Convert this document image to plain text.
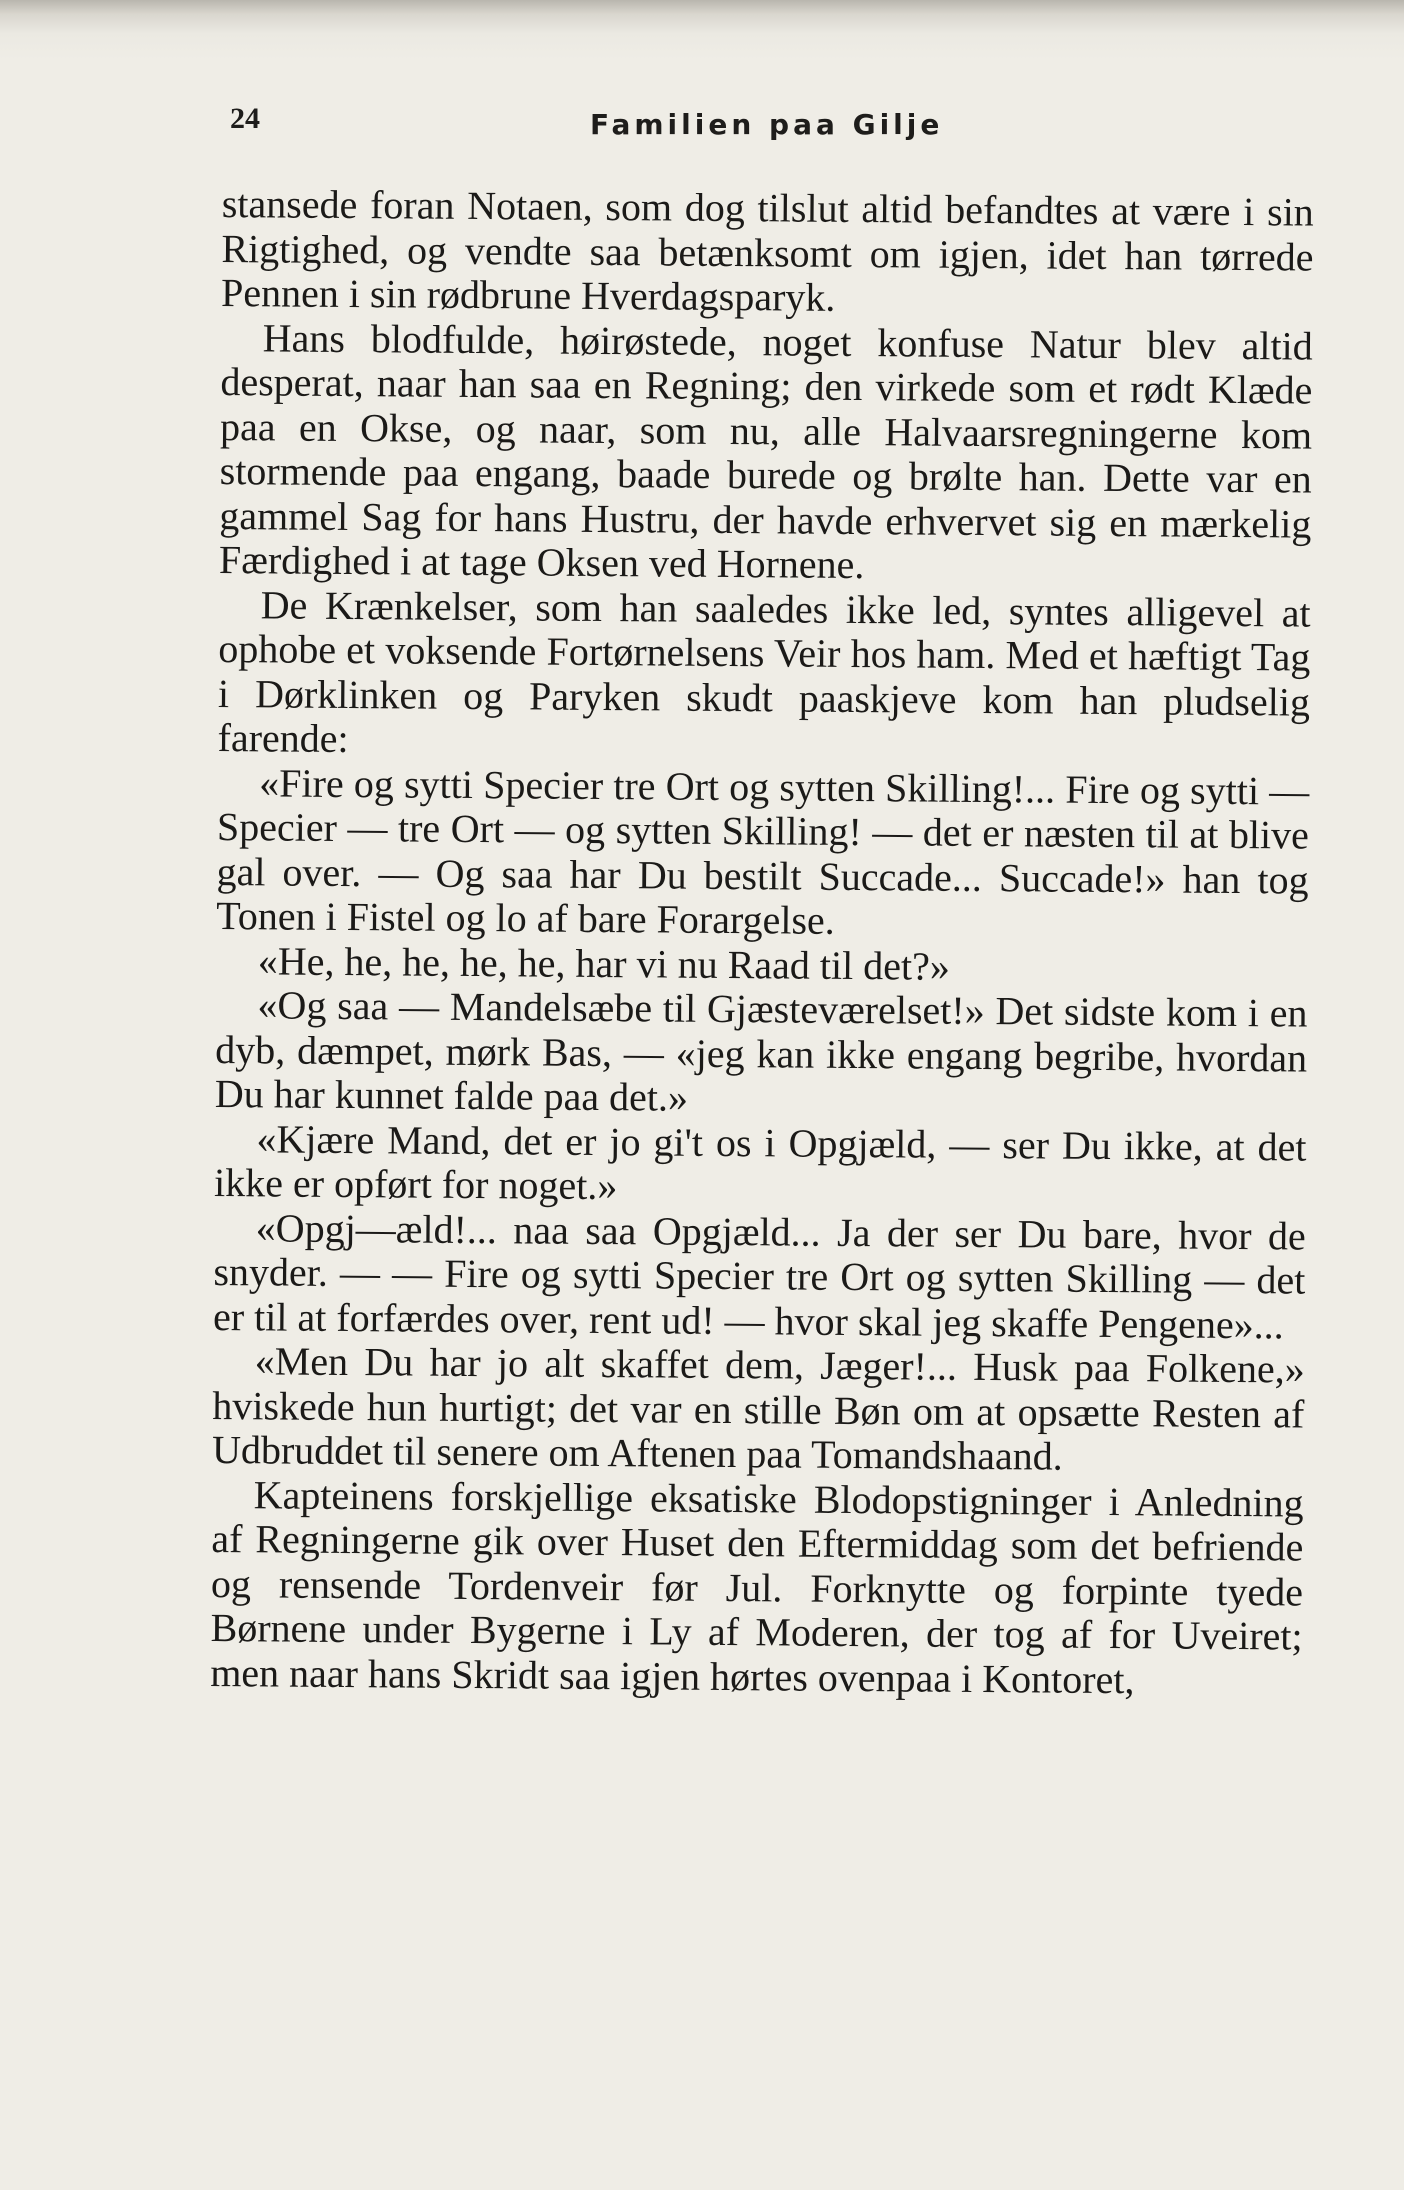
24	Familien paa Gilje

stansede foran Notaen, som dog tilslut altid befandtes at være i sin Rigtighed, og vendte saa betænksomt om igjen, idet han tørrede Pennen i sin rødbrune Hverdagsparyk.

Hans blodfulde, høirøstede, noget konfuse Natur blev altid desperat, naar han saa en Regning; den virkede som et rødt Klæde paa en Okse, og naar, som nu, alle Halvaarsregningerne kom stormende paa engang, baade burede og brølte han. Dette var en gammel Sag for hans Hustru, der havde erhvervet sig en mærkelig Færdighed i at tage Oksen ved Hornene.

De Krænkelser, som han saaledes ikke led, syntes alligevel at ophobe et voksende Fortørnelsens Veir hos ham. Med et hæftigt Tag i Dørklinken og Paryken skudt paaskjeve kom han pludselig farende:

«Fire og sytti Specier tre Ort og sytten Skilling!... Fire og sytti — Specier — tre Ort — og sytten Skilling! — det er næsten til at blive gal over. — Og saa har Du bestilt Succade... Succade!» han tog Tonen i Fistel og lo af bare Forargelse.

«He, he, he, he, he, har vi nu Raad til det?»

«Og saa — Mandelsæbe til Gjæsteværelset!» Det sidste kom i en dyb, dæmpet, mørk Bas, — «jeg kan ikke engang begribe, hvordan Du har kunnet falde paa det.»

«Kjære Mand, det er jo gi't os i Opgjæld, — ser Du ikke, at det ikke er opført for noget.»

«Opgj—æld!... naa saa Opgjæld... Ja der ser Du bare, hvor de snyder. — — Fire og sytti Specier tre Ort og sytten Skilling — det er til at forfærdes over, rent ud! — hvor skal jeg skaffe Pengene»...

«Men Du har jo alt skaffet dem, Jæger!... Husk paa Folkene,» hviskede hun hurtigt; det var en stille Bøn om at opsætte Resten af Udbruddet til senere om Aftenen paa Tomandshaand.

Kapteinens forskjellige eksatiske Blodopstigninger i Anledning af Regningerne gik over Huset den Eftermiddag som det befriende og rensende Tordenveir før Jul. Forknytte og forpinte tyede Børnene under Bygerne i Ly af Moderen, der tog af for Uveiret; men naar hans Skridt saa igjen hørtes ovenpaa i Kontoret,
